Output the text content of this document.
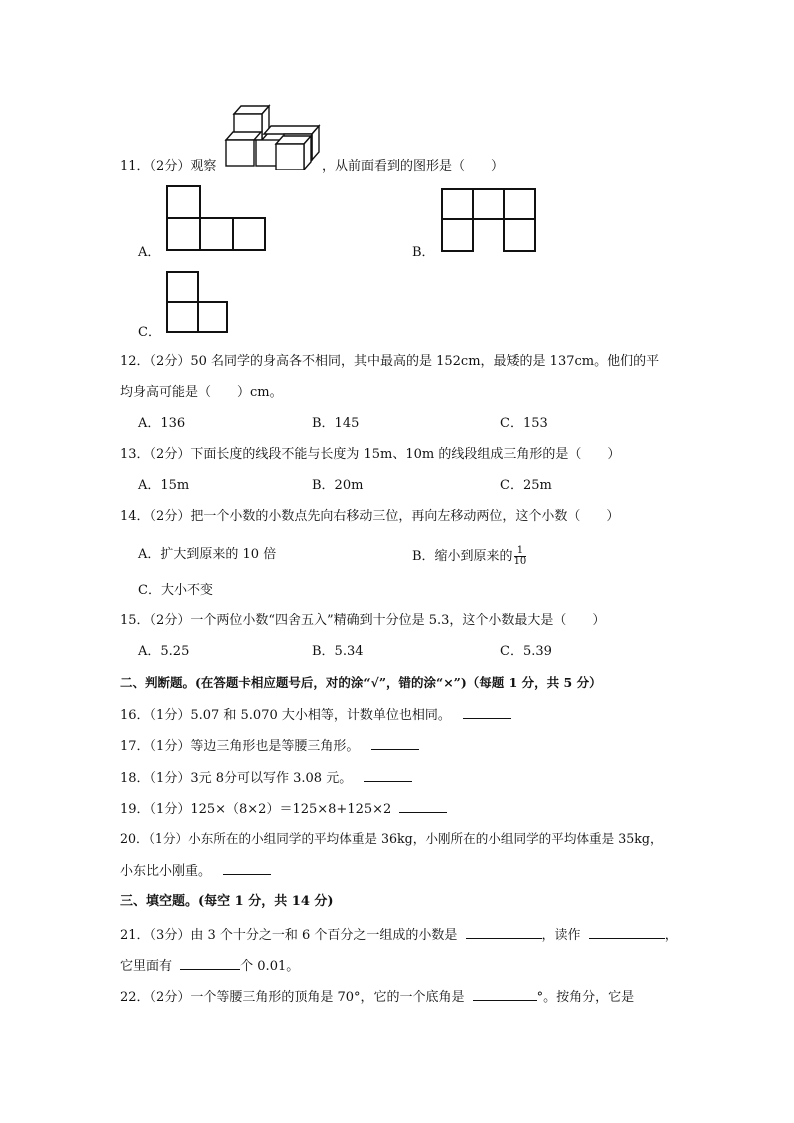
11．（2分）观察	，从前面看到的图形是（　　）
A．	B．
C．
12．（2分）50 名同学的身高各不相同，其中最高的是 152cm，最矮的是 137cm。他们的平
均身高可能是（　　）cm。
A．136	B．145	C．153
13．（2分）下面长度的线段不能与长度为 15m、10m 的线段组成三角形的是（　　）
A．15m	B．20m	C．25m
14．（2分）把一个小数的小数点先向右移动三位，再向左移动两位，这个小数（　　）
A．扩大到原来的 10 倍	B．缩小到原来的 $\frac{1}{10}$
C．大小不变
15．（2分）一个两位小数“四舍五入”精确到十分位是 5.3，这个小数最大是（　　）
A．5.25	B．5.34	C．5.39
二、判断题。(在答题卡相应题号后，对的涂“√”，错的涂“×”)（每题 1 分，共 5 分）
16．（1分）5.07 和 5.070 大小相等，计数单位也相同。
17．（1分）等边三角形也是等腰三角形。
18．（1分）3元 8分可以写作 3.08 元。
19．（1分）125×（8×2）＝125×8+125×2
20．（1分）小东所在的小组同学的平均体重是 36kg，小刚所在的小组同学的平均体重是 35kg，
小东比小刚重。
三、填空题。(每空 1 分，共 14 分)
21．（3分）由 3 个十分之一和 6 个百分之一组成的小数是	，读作	，
它里面有	个 0.01。
22．（2分）一个等腰三角形的顶角是 70°，它的一个底角是	°。按角分，它是
